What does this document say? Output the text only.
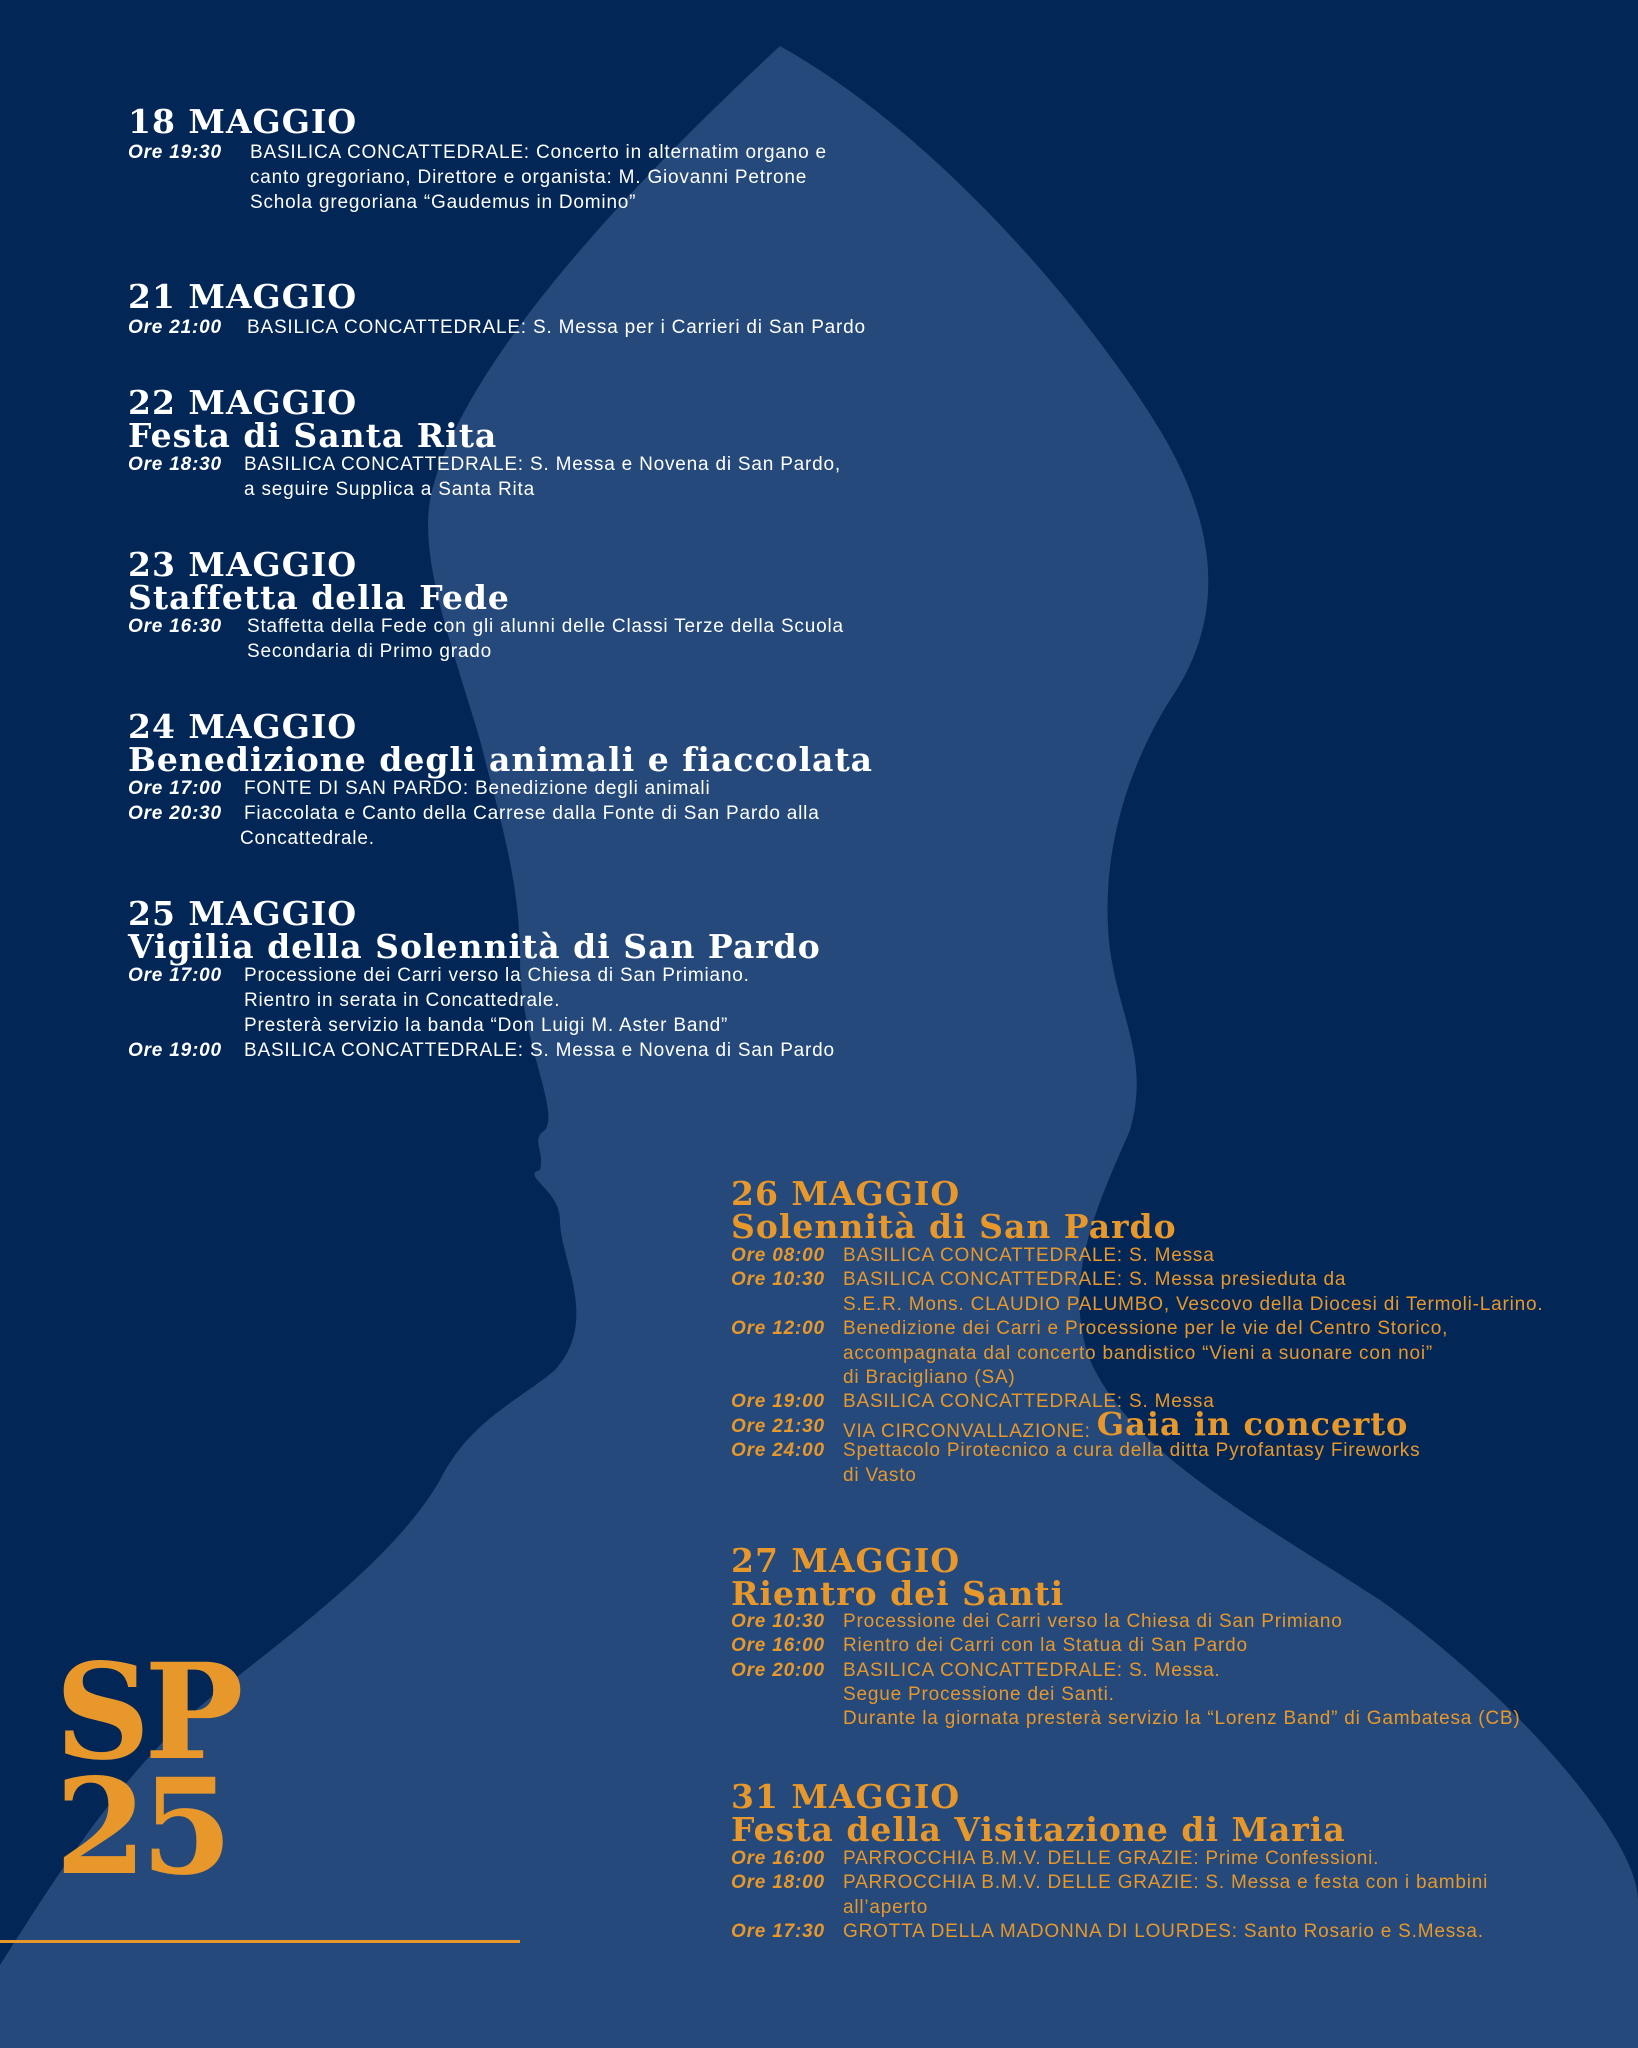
18 MAGGIO
Ore 19:30 BASILICA CONCATTEDRALE: Concerto in alternatim organo e
canto gregoriano, Direttore e organista: M. Giovanni Petrone
Schola gregoriana “Gaudemus in Domino”
21 MAGGIO
Ore 21:00 BASILICA CONCATTEDRALE: S. Messa per i Carrieri di San Pardo
22 MAGGIO
Festa di Santa Rita
Ore 18:30 BASILICA CONCATTEDRALE: S. Messa e Novena di San Pardo,
a seguire Supplica a Santa Rita
23 MAGGIO
Staffetta della Fede
Ore 16:30 Staffetta della Fede con gli alunni delle Classi Terze della Scuola
Secondaria di Primo grado
24 MAGGIO
Benedizione degli animali e fiaccolata
Ore 17:00 FONTE DI SAN PARDO: Benedizione degli animali
Ore 20:30 Fiaccolata e Canto della Carrese dalla Fonte di San Pardo alla
Concattedrale.
25 MAGGIO
Vigilia della Solennità di San Pardo
Ore 17:00 Processione dei Carri verso la Chiesa di San Primiano.
Rientro in serata in Concattedrale.
Presterà servizio la banda “Don Luigi M. Aster Band”
Ore 19:00 BASILICA CONCATTEDRALE: S. Messa e Novena di San Pardo
26 MAGGIO
Solennità di San Pardo
Ore 08:00 BASILICA CONCATTEDRALE: S. Messa
Ore 10:30 BASILICA CONCATTEDRALE: S. Messa presieduta da
S.E.R. Mons. CLAUDIO PALUMBO, Vescovo della Diocesi di Termoli-Larino.
Ore 12:00 Benedizione dei Carri e Processione per le vie del Centro Storico,
accompagnata dal concerto bandistico “Vieni a suonare con noi”
di Bracigliano (SA)
Ore 19:00 BASILICA CONCATTEDRALE: S. Messa
Ore 21:30 VIA CIRCONVALLAZIONE: Gaia in concerto
Ore 24:00 Spettacolo Pirotecnico a cura della ditta Pyrofantasy Fireworks
di Vasto
27 MAGGIO
Rientro dei Santi
Ore 10:30 Processione dei Carri verso la Chiesa di San Primiano
Ore 16:00 Rientro dei Carri con la Statua di San Pardo
Ore 20:00 BASILICA CONCATTEDRALE: S. Messa.
Segue Processione dei Santi.
Durante la giornata presterà servizio la “Lorenz Band” di Gambatesa (CB)
31 MAGGIO
Festa della Visitazione di Maria
Ore 16:00 PARROCCHIA B.M.V. DELLE GRAZIE: Prime Confessioni.
Ore 18:00 PARROCCHIA B.M.V. DELLE GRAZIE: S. Messa e festa con i bambini
all’aperto
Ore 17:30 GROTTA DELLA MADONNA DI LOURDES: Santo Rosario e S.Messa.
SP
25
